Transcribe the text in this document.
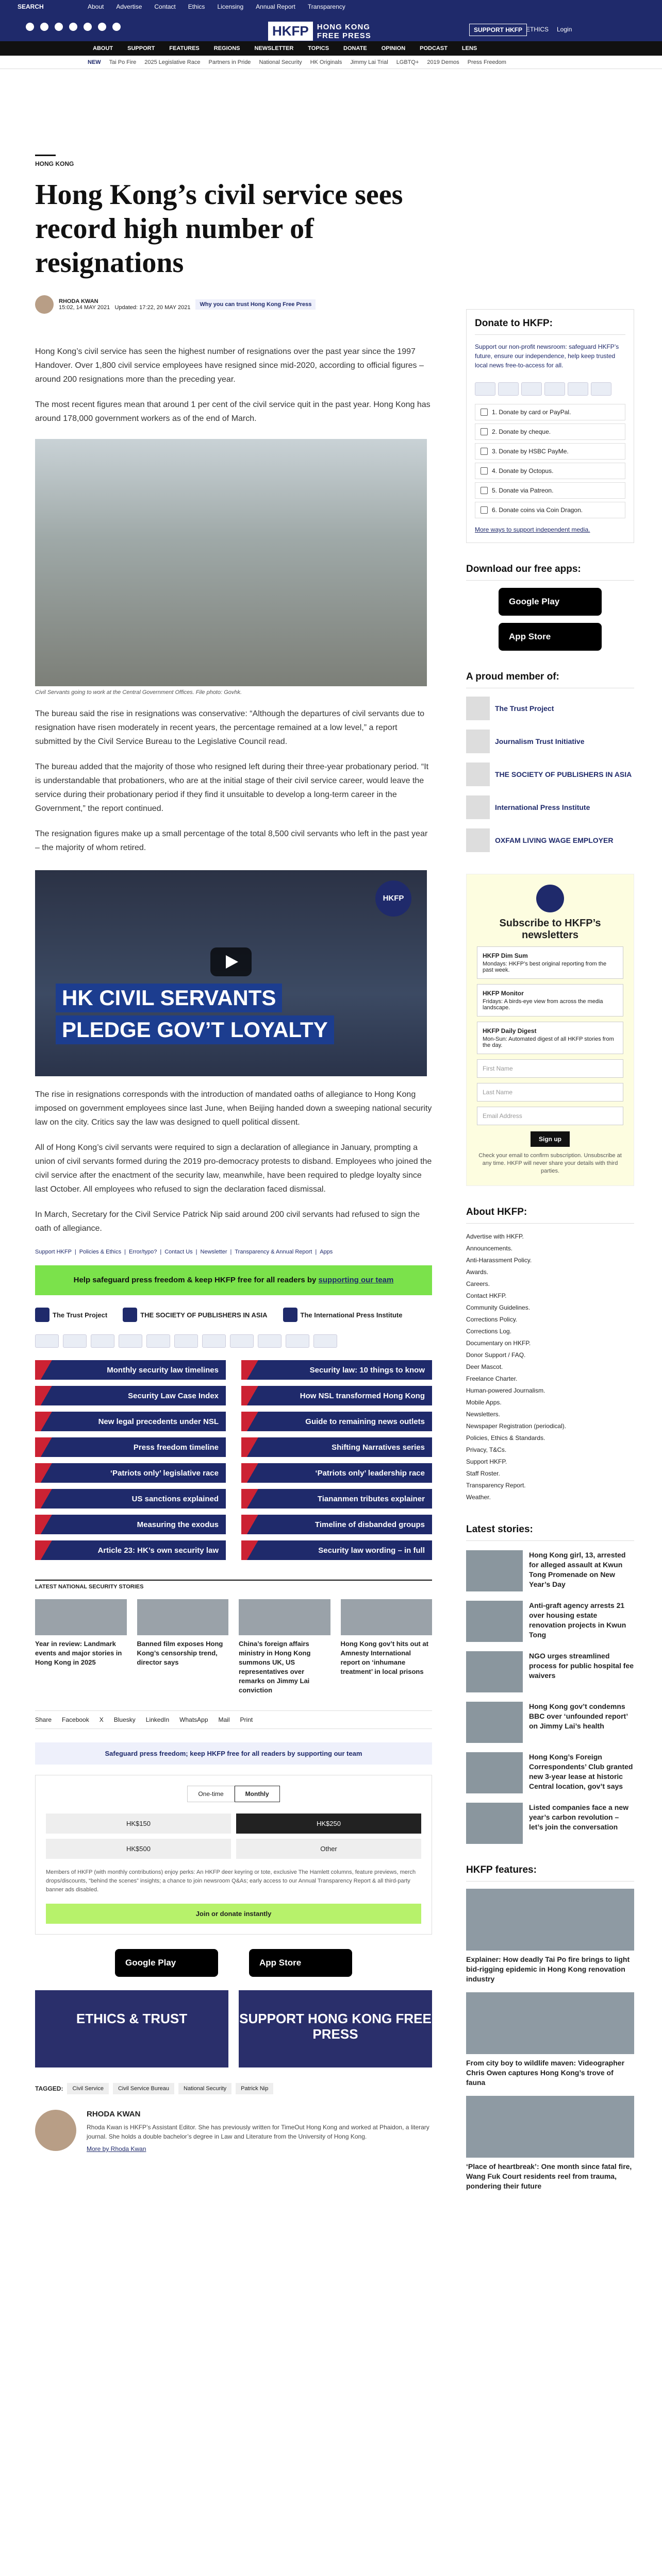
SEARCH	About Advertise Contact Ethics Licensing Annual Report Transparency
HKFP	HONG KONG
FREE PRESS
SUPPORT HKFP ETHICS Login
ABOUT	SUPPORT	FEATURES	REGIONS	NEWSLETTER	TOPICS	DONATE	OPINION	PODCAST	LENS
NEW Tai Po Fire 2025 Legislative Race Partners in Pride National Security HK Originals Jimmy Lai Trial LGBTQ+ 2019 Demos Press Freedom
HONG KONG
Hong Kong’s civil service sees record high number of resignations
RHODA KWAN
15:02, 14 MAY 2021 Updated: 17:22, 20 MAY 2021	Why you can trust Hong Kong Free Press

Hong Kong’s civil service has seen the highest number of resignations over the past year since the 1997 Handover. Over 1,800 civil service employees have resigned since mid-2020, according to official figures – around 200 resignations more than the preceding year.

The most recent figures mean that around 1 per cent of the civil service quit in the past year. Hong Kong has around 178,000 government workers as of the end of March.

Civil Servants going to work at the Central Government Offices. File photo: Govhk.

The bureau said the rise in resignations was conservative: “Although the departures of civil servants due to resignation have risen moderately in recent years, the percentage remained at a low level,” a report submitted by the Civil Service Bureau to the Legislative Council read.

The bureau added that the majority of those who resigned left during their three-year probationary period. “It is understandable that probationers, who are at the initial stage of their civil service career, would leave the service during their probationary period if they find it unsuitable to develop a long-term career in the Government,” the report continued.

The resignation figures make up a small percentage of the total 8,500 civil servants who left in the past year – the majority of whom retired.

HKFP
HK CIVIL SERVANTS
PLEDGE GOV’T LOYALTY

The rise in resignations corresponds with the introduction of mandated oaths of allegiance to Hong Kong imposed on government employees since last June, when Beijing handed down a sweeping national security law on the city. Critics say the law was designed to quell political dissent.

All of Hong Kong’s civil servants were required to sign a declaration of allegiance in January, prompting a union of civil servants formed during the 2019 pro-democracy protests to disband. Employees who joined the civil service after the enactment of the security law, meanwhile, have been required to pledge loyalty since last October. All employees who refused to sign the declaration faced dismissal.

In March, Secretary for the Civil Service Patrick Nip said around 200 civil servants had refused to sign the oath of allegiance.

Support HKFP | Policies & Ethics | Error/typo? | Contact Us | Newsletter | Transparency & Annual Report | Apps
Help safeguard press freedom & keep HKFP free for all readers by supporting our team
The Trust Project	THE SOCIETY OF PUBLISHERS IN ASIA	The International Press Institute
Monthly security law timelines	Security law: 10 things to know
Security Law Case Index	How NSL transformed Hong Kong
New legal precedents under NSL	Guide to remaining news outlets
Press freedom timeline	Shifting Narratives series
‘Patriots only’ legislative race	‘Patriots only’ leadership race
US sanctions explained	Tiananmen tributes explainer
Measuring the exodus	Timeline of disbanded groups
Article 23: HK’s own security law	Security law wording – in full
LATEST NATIONAL SECURITY STORIES
Year in review: Landmark events and major stories in Hong Kong in 2025
Banned film exposes Hong Kong’s censorship trend, director says
China’s foreign affairs ministry in Hong Kong summons UK, US representatives over remarks on Jimmy Lai conviction
Hong Kong gov’t hits out at Amnesty International report on ‘inhumane treatment’ in local prisons
Share Facebook X Bluesky LinkedIn WhatsApp Mail Print
Safeguard press freedom; keep HKFP free for all readers by supporting our team
One-time	Monthly
HK$150	HK$250
HK$500	Other

Members of HKFP (with monthly contributions) enjoy perks: An HKFP deer keyring or tote, exclusive The Hamlett columns, feature previews, merch drops/discounts, “behind the scenes” insights; a chance to join newsroom Q&As; early access to our Annual Transparency Report & all third-party banner ads disabled.

Join or donate instantly
Google Play	App Store
ETHICS & TRUST	SUPPORT HONG KONG FREE PRESS
TAGGED:	Civil Service	Civil Service Bureau	National Security	Patrick Nip
RHODA KWAN

Rhoda Kwan is HKFP’s Assistant Editor. She has previously written for TimeOut Hong Kong and worked at Phaidon, a literary journal. She holds a double bachelor’s degree in Law and Literature from the University of Hong Kong.

More by Rhoda Kwan
Donate to HKFP:
Support our non-profit newsroom: safeguard HKFP’s future, ensure our independence, help keep trusted local news free-to-access for all.
1. Donate by card or PayPal.
2. Donate by cheque.
3. Donate by HSBC PayMe.
4. Donate by Octopus.
5. Donate via Patreon.
6. Donate coins via Coin Dragon.
More ways to support independent media.
Download our free apps:
Google Play
App Store
A proud member of:
The Trust Project
Journalism Trust Initiative
THE SOCIETY OF PUBLISHERS IN ASIA
International Press Institute
OXFAM LIVING WAGE EMPLOYER
Subscribe to HKFP’s newsletters
HKFP Dim Sum
Mondays: HKFP’s best original reporting from the past week.
HKFP Monitor
Fridays: A birds-eye view from across the media landscape.
HKFP Daily Digest
Mon-Sun: Automated digest of all HKFP stories from the day.
First Name
Last Name
Email Address
Sign up

Check your email to confirm subscription. Unsubscribe at any time. HKFP will never share your details with third parties.

About HKFP:
Advertise with HKFP.
Announcements.
Anti-Harassment Policy.
Awards.
Careers.
Contact HKFP.
Community Guidelines.
Corrections Policy.
Corrections Log.
Documentary on HKFP.
Donor Support / FAQ.
Deer Mascot.
Freelance Charter.
Human-powered Journalism.
Mobile Apps.
Newsletters.
Newspaper Registration (periodical).
Policies, Ethics & Standards.
Privacy, T&Cs.
Support HKFP.
Staff Roster.
Transparency Report.
Weather.
Latest stories:
Hong Kong girl, 13, arrested for alleged assault at Kwun Tong Promenade on New Year’s Day
Anti-graft agency arrests 21 over housing estate renovation projects in Kwun Tong
NGO urges streamlined process for public hospital fee waivers
Hong Kong gov’t condemns BBC over ‘unfounded report’ on Jimmy Lai’s health
Hong Kong’s Foreign Correspondents’ Club granted new 3-year lease at historic Central location, gov’t says
Listed companies face a new year’s carbon revolution – let’s join the conversation
HKFP features:
Explainer: How deadly Tai Po fire brings to light bid-rigging epidemic in Hong Kong renovation industry
From city boy to wildlife maven: Videographer Chris Owen captures Hong Kong’s trove of fauna
‘Place of heartbreak’: One month since fatal fire, Wang Fuk Court residents reel from trauma, pondering their future
